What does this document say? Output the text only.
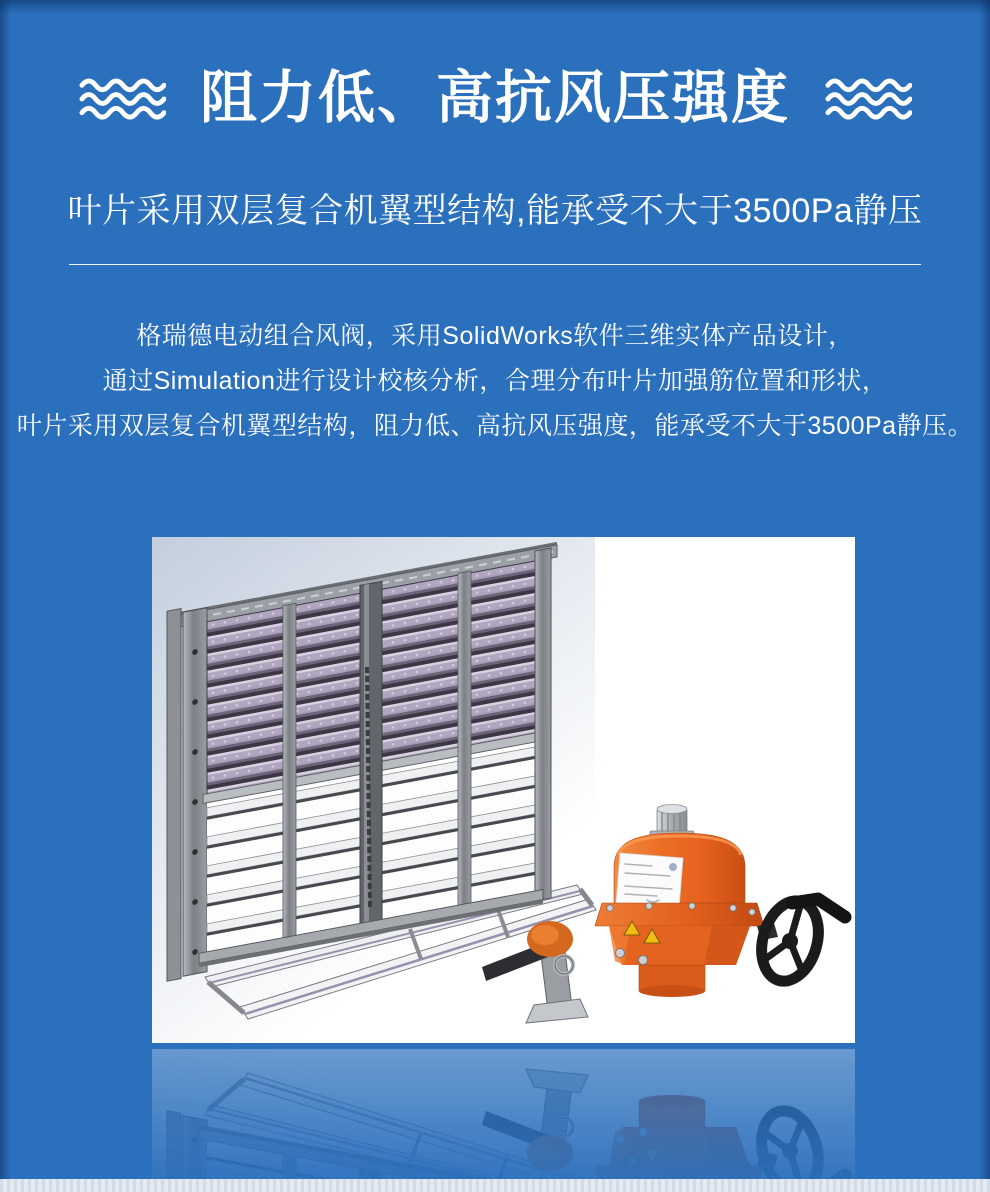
阻力低、高抗风压强度
叶片采用双层复合机翼型结构,能承受不大于3500Pa静压

格瑞德电动组合风阀，采用SolidWorks软件三维实体产品设计，

通过Simulation进行设计校核分析，合理分布叶片加强筋位置和形状，

叶片采用双层复合机翼型结构，阻力低、高抗风压强度，能承受不大于3500Pa静压。
